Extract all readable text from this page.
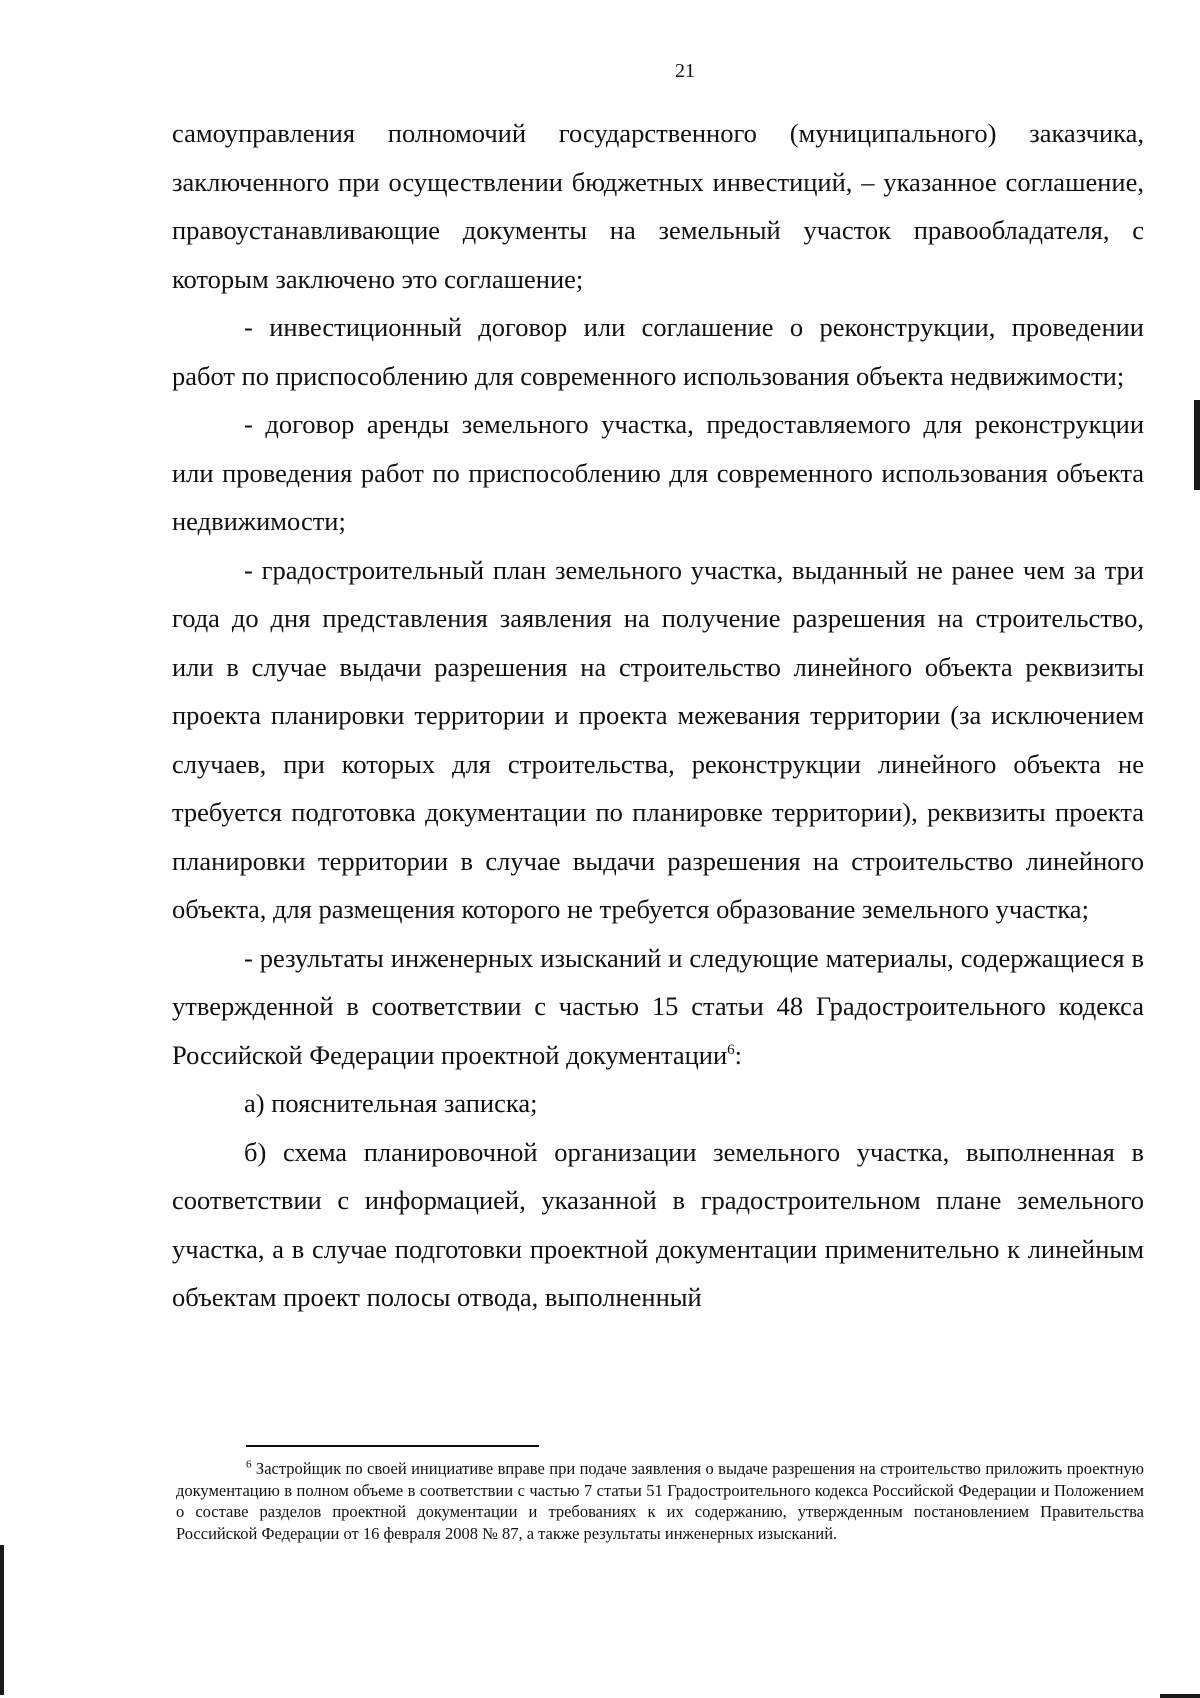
21

самоуправления полномочий государственного (муниципального) заказчика, заключенного при осуществлении бюджетных инвестиций, – указанное соглашение, правоустанавливающие документы на земельный участок правообладателя, с которым заключено это соглашение;

- инвестиционный договор или соглашение о реконструкции, проведении работ по приспособлению для современного использования объекта недвижимости;

- договор аренды земельного участка, предоставляемого для реконструкции или проведения работ по приспособлению для современного использования объекта недвижимости;

- градостроительный план земельного участка, выданный не ранее чем за три года до дня представления заявления на получение разрешения на строительство, или в случае выдачи разрешения на строительство линейного объекта реквизиты проекта планировки территории и проекта межевания территории (за исключением случаев, при которых для строительства, реконструкции линейного объекта не требуется подготовка документации по планировке территории), реквизиты проекта планировки территории в случае выдачи разрешения на строительство линейного объекта, для размещения которого не требуется образование земельного участка;

- результаты инженерных изысканий и следующие материалы, содержащиеся в утвержденной в соответствии с частью 15 статьи 48 Градостроительного кодекса Российской Федерации проектной документации$^6$:

а) пояснительная записка;

б) схема планировочной организации земельного участка, выполненная в соответствии с информацией, указанной в градостроительном плане земельного участка, а в случае подготовки проектной документации применительно к линейным объектам проект полосы отвода, выполненный

$^6$ Застройщик по своей инициативе вправе при подаче заявления о выдаче разрешения на строительство приложить проектную документацию в полном объеме в соответствии с частью 7 статьи 51 Градостроительного кодекса Российской Федерации и Положением о составе разделов проектной документации и требованиях к их содержанию, утвержденным постановлением Правительства Российской Федерации от 16 февраля 2008 № 87, а также результаты инженерных изысканий.
